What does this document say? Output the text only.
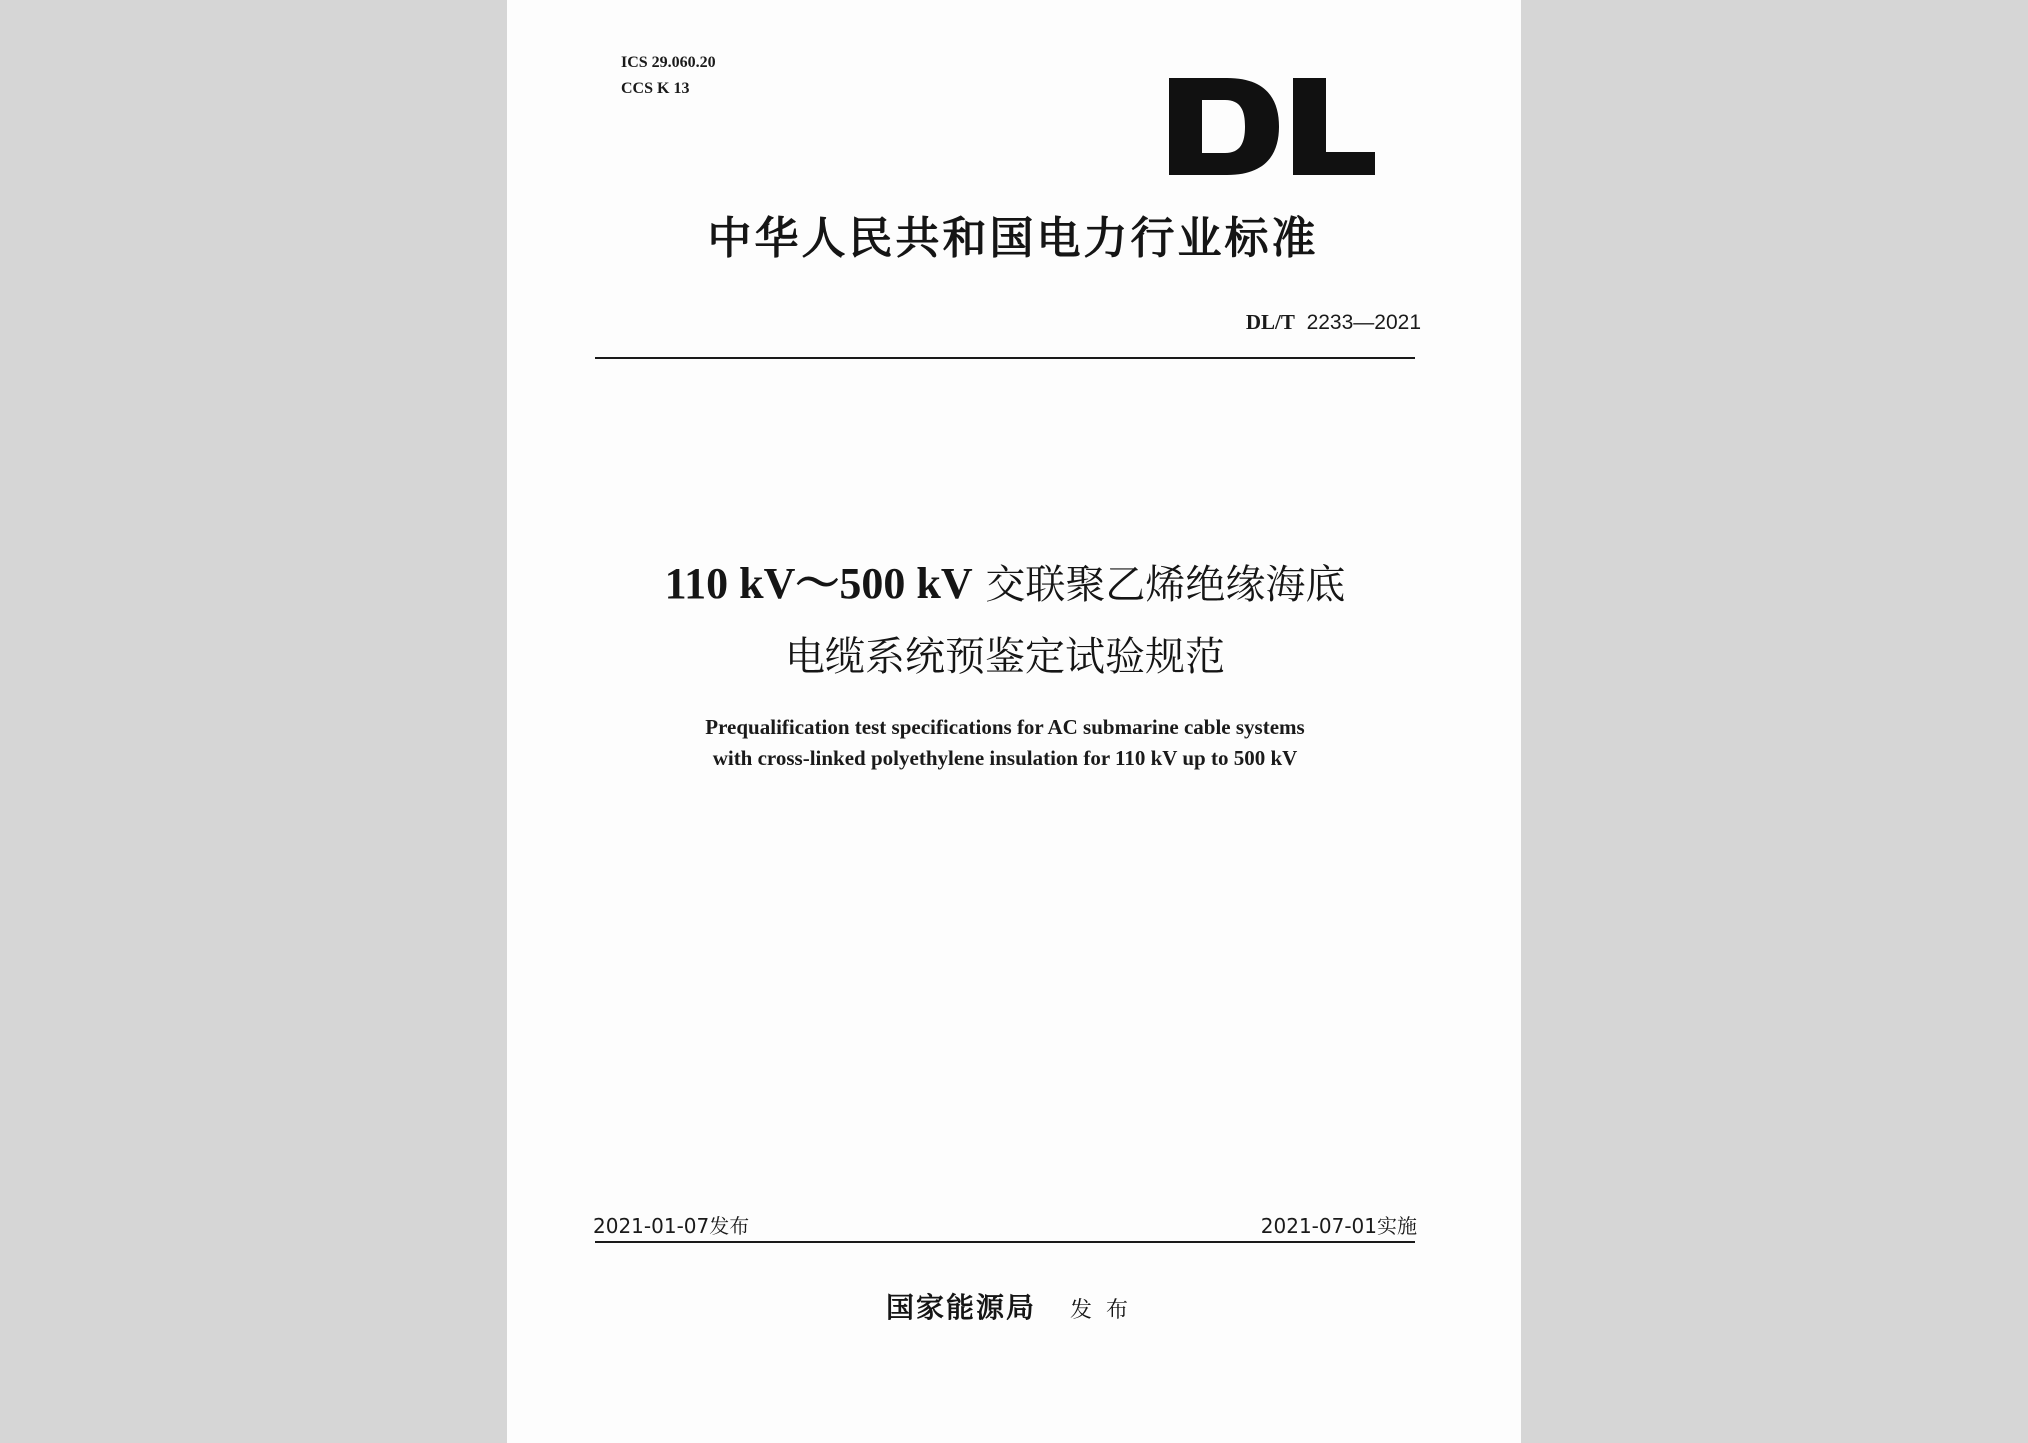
ICS 29.060.20
CCS K 13
中华人民共和国电力行业标准
DL/T 2233—2021
110 kV～500 kV 交联聚乙烯绝缘海底
电缆系统预鉴定试验规范
Prequalification test specifications for AC submarine cable systems
with cross-linked polyethylene insulation for 110 kV up to 500 kV
2021-01-07发布	2021-07-01实施
国家能源局 发布
